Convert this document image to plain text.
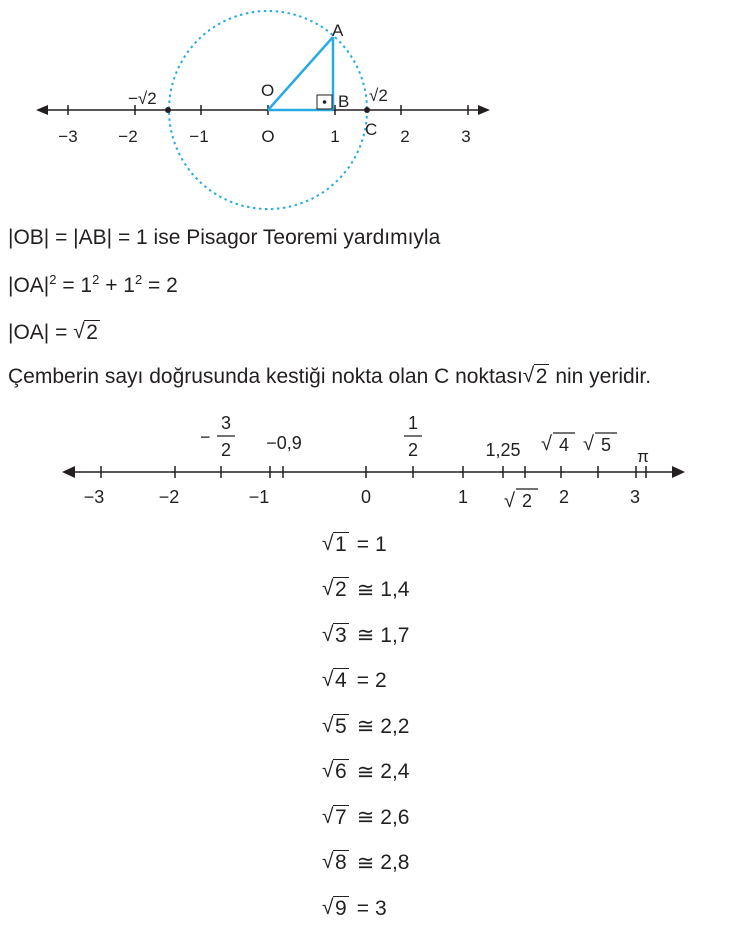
A
O
B
C
−√2	√2
−3 −2	−1	O	1	2	3
|OB| = |AB| = 1 ise Pisagor Teoremi yardımıyla
$|OA|^2 = 1^2 + 1^2 = 2$
|OA| = √ 2
Çemberin sayı doğrusunda kestiği nokta olan C noktası √ 2 nin yeridir.
−3	−2	−1	0	1	2	3
−
3
2 −0,9
1
2	1,25 √ 4 √ 5
π
√ 2
√ 1 = 1
√ 2 ≅ 1,4
√ 3 ≅ 1,7
√ 4 = 2
√ 5 ≅ 2,2
√ 6 ≅ 2,4
√ 7 ≅ 2,6
√ 8 ≅ 2,8
√ 9 = 3
